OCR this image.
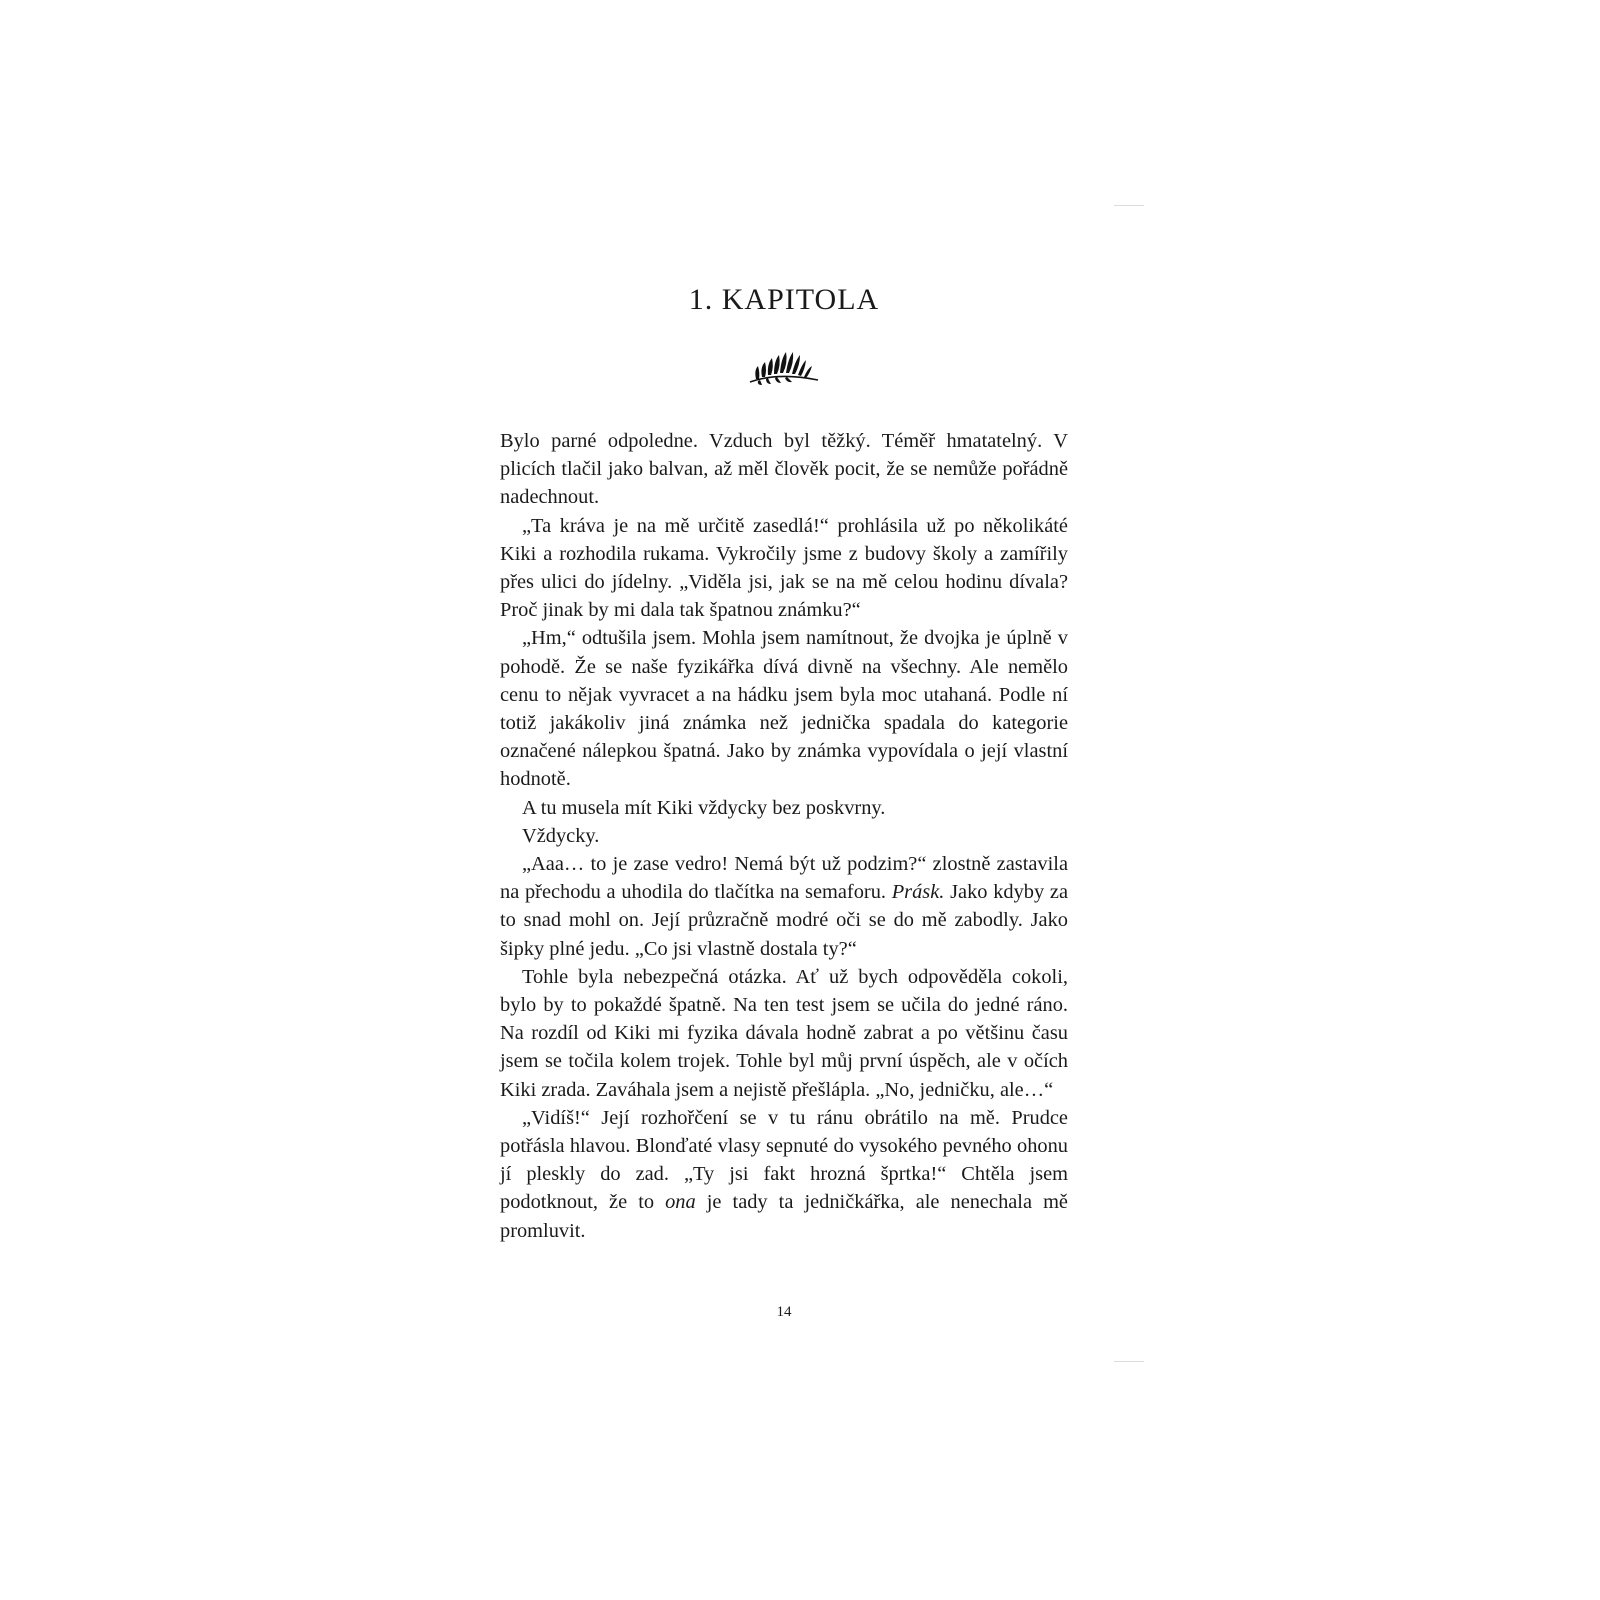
1. KAPITOLA

Bylo parné odpoledne. Vzduch byl těžký. Téměř hmatatelný. V plicích tlačil jako balvan, až měl člověk pocit, že se nemůže pořádně nadechnout.

„Ta kráva je na mě určitě zasedlá!“ prohlásila už po několikáté Kiki a rozhodila rukama. Vykročily jsme z budovy školy a zamířily přes ulici do jídelny. „Viděla jsi, jak se na mě celou hodinu dívala? Proč jinak by mi dala tak špatnou známku?“

„Hm,“ odtušila jsem. Mohla jsem namítnout, že dvojka je úplně v pohodě. Že se naše fyzikářka dívá divně na všechny. Ale nemělo cenu to nějak vyvracet a na hádku jsem byla moc utahaná. Podle ní totiž jakákoliv jiná známka než jednička spadala do kategorie označené nálepkou špatná. Jako by známka vypovídala o její vlastní hodnotě.

A tu musela mít Kiki vždycky bez poskvrny.

Vždycky.

„Aaa… to je zase vedro! Nemá být už podzim?“ zlostně zastavila na přechodu a uhodila do tlačítka na semaforu. Prásk. Jako kdyby za to snad mohl on. Její průzračně modré oči se do mě zabodly. Jako šipky plné jedu. „Co jsi vlastně dostala ty?“

Tohle byla nebezpečná otázka. Ať už bych odpověděla cokoli, bylo by to pokaždé špatně. Na ten test jsem se učila do jedné ráno. Na rozdíl od Kiki mi fyzika dávala hodně zabrat a po většinu času jsem se točila kolem trojek. Tohle byl můj první úspěch, ale v očích Kiki zrada. Zaváhala jsem a nejistě přešláplа. „No, jedničku, ale…“

„Vidíš!“ Její rozhořčení se v tu ránu obrátilo na mě. Prudce potřásla hlavou. Blonďaté vlasy sepnuté do vysokého pevného ohonu jí pleskly do zad. „Ty jsi fakt hrozná šprtka!“ Chtěla jsem podotknout, že to ona je tady ta jedničkářka, ale nenechala mě promluvit.

14
